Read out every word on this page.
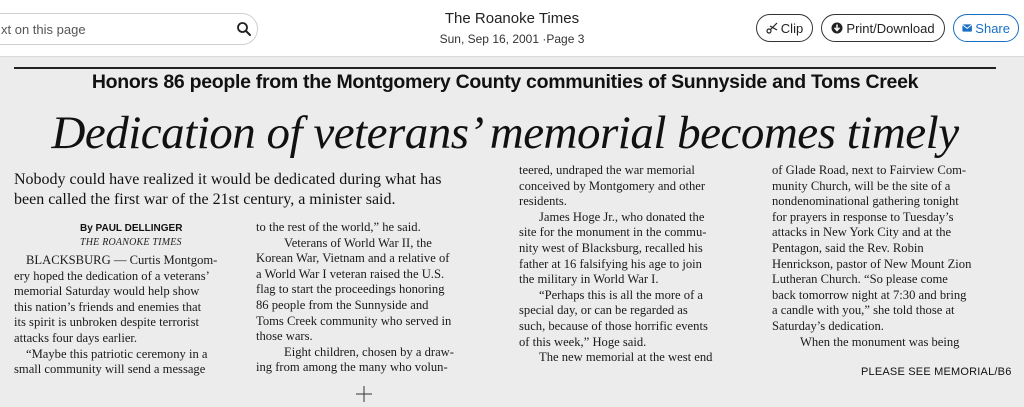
xt on this page
The Roanoke Times
Sun, Sep 16, 2001 ·Page 3
Clip	Print/Download	Share
Honors 86 people from the Montgomery County communities of Sunnyside and Toms Creek
Dedication of veterans’ memorial becomes timely
Nobody could have realized it would be dedicated during what has
been called the first war of the 21st century, a minister said.
By PAUL DELLINGER
THE ROANOKE TIMES
BLACKSBURG — Curtis Montgom-
ery hoped the dedication of a veterans’
memorial Saturday would help show
this nation’s friends and enemies that
its spirit is unbroken despite terrorist
attacks four days earlier.
“Maybe this patriotic ceremony in a
small community will send a message
to the rest of the world,” he said.
Veterans of World War II, the
Korean War, Vietnam and a relative of
a World War I veteran raised the U.S.
flag to start the proceedings honoring
86 people from the Sunnyside and
Toms Creek community who served in
those wars.
Eight children, chosen by a draw-
ing from among the many who volun-
teered, undraped the war memorial
conceived by Montgomery and other
residents.
James Hoge Jr., who donated the
site for the monument in the commu-
nity west of Blacksburg, recalled his
father at 16 falsifying his age to join
the military in World War I.
“Perhaps this is all the more of a
special day, or can be regarded as
such, because of those horrific events
of this week,” Hoge said.
The new memorial at the west end
of Glade Road, next to Fairview Com-
munity Church, will be the site of a
nondenominational gathering tonight
for prayers in response to Tuesday’s
attacks in New York City and at the
Pentagon, said the Rev. Robin
Henrickson, pastor of New Mount Zion
Lutheran Church. “So please come
back tomorrow night at 7:30 and bring
a candle with you,” she told those at
Saturday’s dedication.
When the monument was being
PLEASE SEE MEMORIAL/B6
